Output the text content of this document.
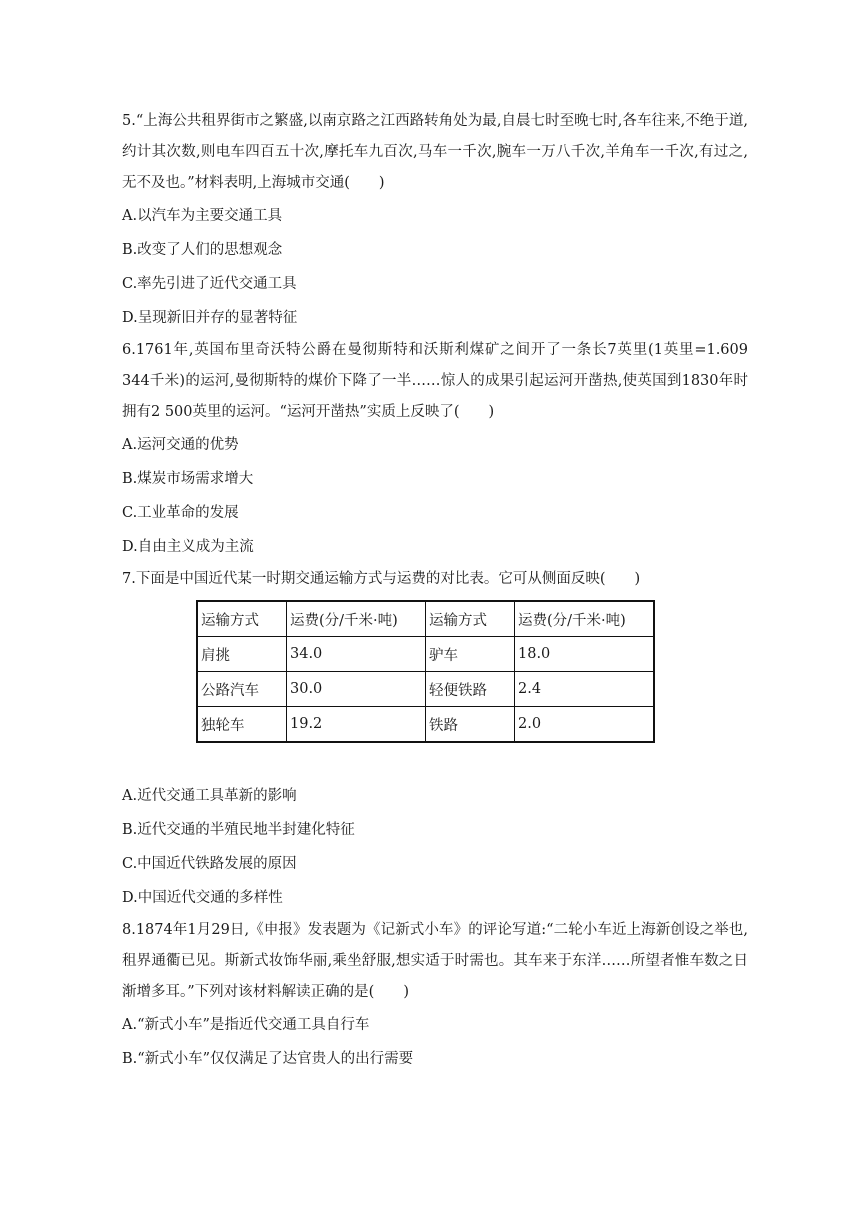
5.“上海公共租界街市之繁盛,以南京路之江西路转角处为最,自晨七时至晚七时,各车往来,不绝于道,约计其次数,则电车四百五十次,摩托车九百次,马车一千次,腕车一万八千次,羊角车一千次,有过之,无不及也。”材料表明,上海城市交通(　　)

A.以汽车为主要交通工具

B.改变了人们的思想观念

C.率先引进了近代交通工具

D.呈现新旧并存的显著特征

6.1761年,英国布里奇沃特公爵在曼彻斯特和沃斯利煤矿之间开了一条长7英里(1英里=1.609 344千米)的运河,曼彻斯特的煤价下降了一半……惊人的成果引起运河开凿热,使英国到1830年时拥有2 500英里的运河。“运河开凿热”实质上反映了(　　)

A.运河交通的优势

B.煤炭市场需求增大

C.工业革命的发展

D.自由主义成为主流

7.下面是中国近代某一时期交通运输方式与运费的对比表。它可从侧面反映(　　)

运输方式	运费(分/千米·吨)	运输方式	运费(分/千米·吨)
肩挑	34.0	驴车	18.0
公路汽车	30.0	轻便铁路	2.4
独轮车	19.2	铁路	2.0

A.近代交通工具革新的影响

B.近代交通的半殖民地半封建化特征

C.中国近代铁路发展的原因

D.中国近代交通的多样性

8.1874年1月29日,《申报》发表题为《记新式小车》的评论写道:“二轮小车近上海新创设之举也,租界通衢已见。斯新式妆饰华丽,乘坐舒服,想实适于时需也。其车来于东洋……所望者惟车数之日渐增多耳。”下列对该材料解读正确的是(　　)

A.“新式小车”是指近代交通工具自行车

B.“新式小车”仅仅满足了达官贵人的出行需要
